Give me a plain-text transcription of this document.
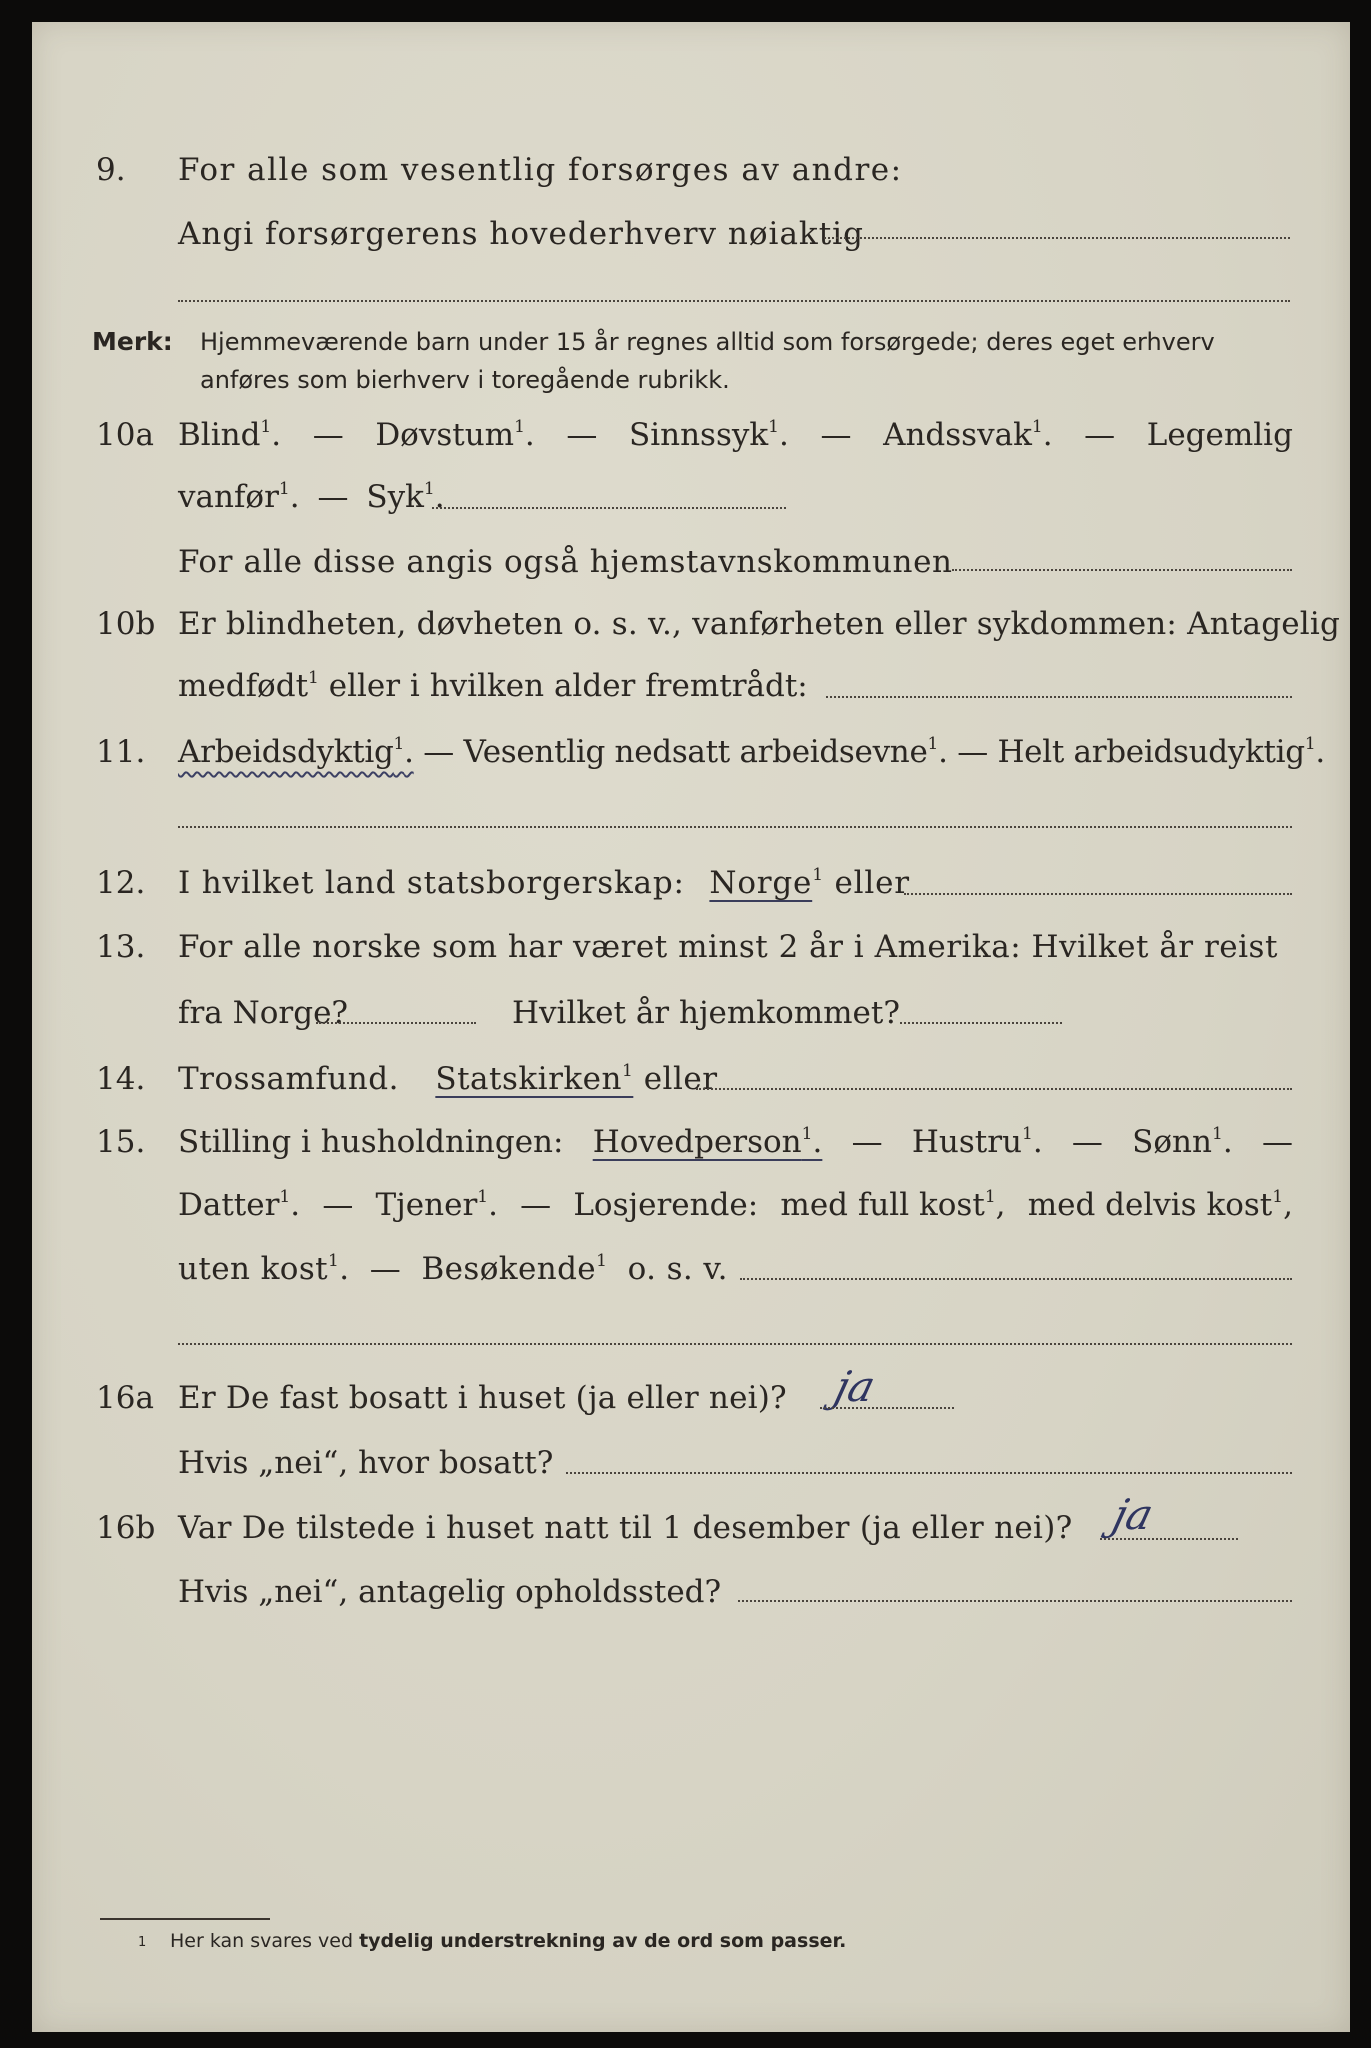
9. For alle som vesentlig forsørges av andre:
Angi forsørgerens hovederhverv nøiaktig
Merk: Hjemmeværende barn under 15 år regnes alltid som forsørgede; deres eget erhverv
anføres som bierhverv i toregående rubrikk.
10a Blind$^1$. — Døvstum$^1$. — Sinnssyk$^1$. — Andssvak$^1$. — Legemlig
vanfør$^1$. — Syk$^1$.
For alle disse angis også hjemstavnskommunen
10b Er blindheten, døvheten o. s. v., vanførheten eller sykdommen: Antagelig
medfødt$^1$ eller i hvilken alder fremtrådt:
11. Arbeidsdyktig$^1$. — Vesentlig nedsatt arbeidsevne$^1$. — Helt arbeidsudyktig$^1$.
12. I hvilket land statsborgerskap: Norge$^1$ eller
13. For alle norske som har været minst 2 år i Amerika: Hvilket år reist
fra Norge?	Hvilket år hjemkommet?
14. Trossamfund. Statskirken$^1$ eller
15. Stilling i husholdningen: Hovedperson$^1$. — Hustru$^1$. — Sønn$^1$. —
Datter$^1$. — Tjener$^1$. — Losjerende: med full kost$^1$, med delvis kost$^1$,
uten kost$^1$. — Besøkende$^1$ o. s. v.
16a Er De fast bosatt i huset (ja eller nei)? ja
Hvis „nei“, hvor bosatt?
16b Var De tilstede i huset natt til 1 desember (ja eller nei)? ja
Hvis „nei“, antagelig opholdssted?
1 Her kan svares ved tydelig understrekning av de ord som passer.
